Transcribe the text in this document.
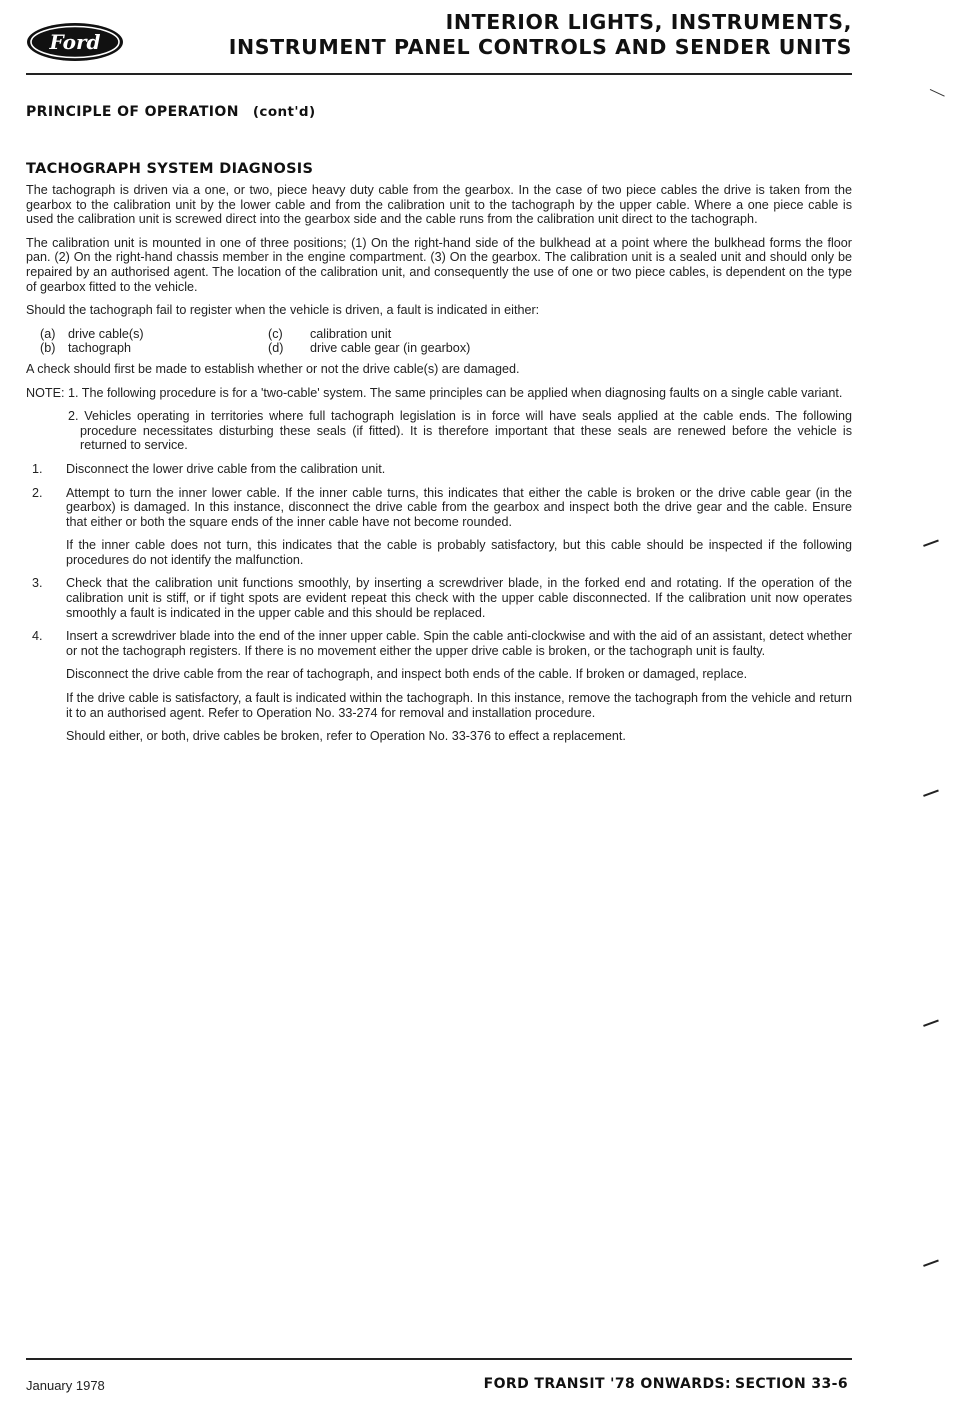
Ford
INTERIOR LIGHTS, INSTRUMENTS,
INSTRUMENT PANEL CONTROLS AND SENDER UNITS
PRINCIPLE OF OPERATION (cont'd)
TACHOGRAPH SYSTEM DIAGNOSIS

The tachograph is driven via a one, or two, piece heavy duty cable from the gearbox. In the case of two piece cables the drive is taken from the gearbox to the calibration unit by the lower cable and from the calibration unit to the tachograph by the upper cable. Where a one piece cable is used the calibration unit is screwed direct into the gearbox side and the cable runs from the calibration unit direct to the tachograph.

The calibration unit is mounted in one of three positions; (1) On the right-hand side of the bulkhead at a point where the bulkhead forms the floor pan. (2) On the right-hand chassis member in the engine compartment. (3) On the gearbox. The calibration unit is a sealed unit and should only be repaired by an authorised agent. The location of the calibration unit, and consequently the use of one or two piece cables, is dependent on the type of gearbox fitted to the vehicle.

Should the tachograph fail to register when the vehicle is driven, a fault is indicated in either:

(a) drive cable(s)	(c)	calibration unit
(b) tachograph	(d)	drive cable gear (in gearbox)

A check should first be made to establish whether or not the drive cable(s) are damaged.

NOTE: 1. The following procedure is for a 'two-cable' system. The same principles can be applied when diagnosing faults on a single cable variant.

2. Vehicles operating in territories where full tachograph legislation is in force will have seals applied at the cable ends. The following procedure necessitates disturbing these seals (if fitted). It is therefore important that these seals are renewed before the vehicle is returned to service.

1.	Disconnect the lower drive cable from the calibration unit.
2.	Attempt to turn the inner lower cable. If the inner cable turns, this indicates that either the cable is broken or the drive cable gear (in the gearbox) is damaged. In this instance, disconnect the drive cable from the gearbox and inspect both the drive gear and the cable. Ensure that either or both the square ends of the inner cable have not become rounded.
If the inner cable does not turn, this indicates that the cable is probably satisfactory, but this cable should be inspected if the following procedures do not identify the malfunction.
3.	Check that the calibration unit functions smoothly, by inserting a screwdriver blade, in the forked end and rotating. If the operation of the calibration unit is stiff, or if tight spots are evident repeat this check with the upper cable disconnected. If the calibration unit now operates smoothly a fault is indicated in the upper cable and this should be replaced.
4.	Insert a screwdriver blade into the end of the inner upper cable. Spin the cable anti-clockwise and with the aid of an assistant, detect whether or not the tachograph registers. If there is no movement either the upper drive cable is broken, or the tachograph unit is faulty.
Disconnect the drive cable from the rear of tachograph, and inspect both ends of the cable. If broken or damaged, replace.
If the drive cable is satisfactory, a fault is indicated within the tachograph. In this instance, remove the tachograph from the vehicle and return it to an authorised agent. Refer to Operation No. 33-274 for removal and installation procedure.
Should either, or both, drive cables be broken, refer to Operation No. 33-376 to effect a replacement.
January 1978	FORD TRANSIT '78 ONWARDS: SECTION 33-6
